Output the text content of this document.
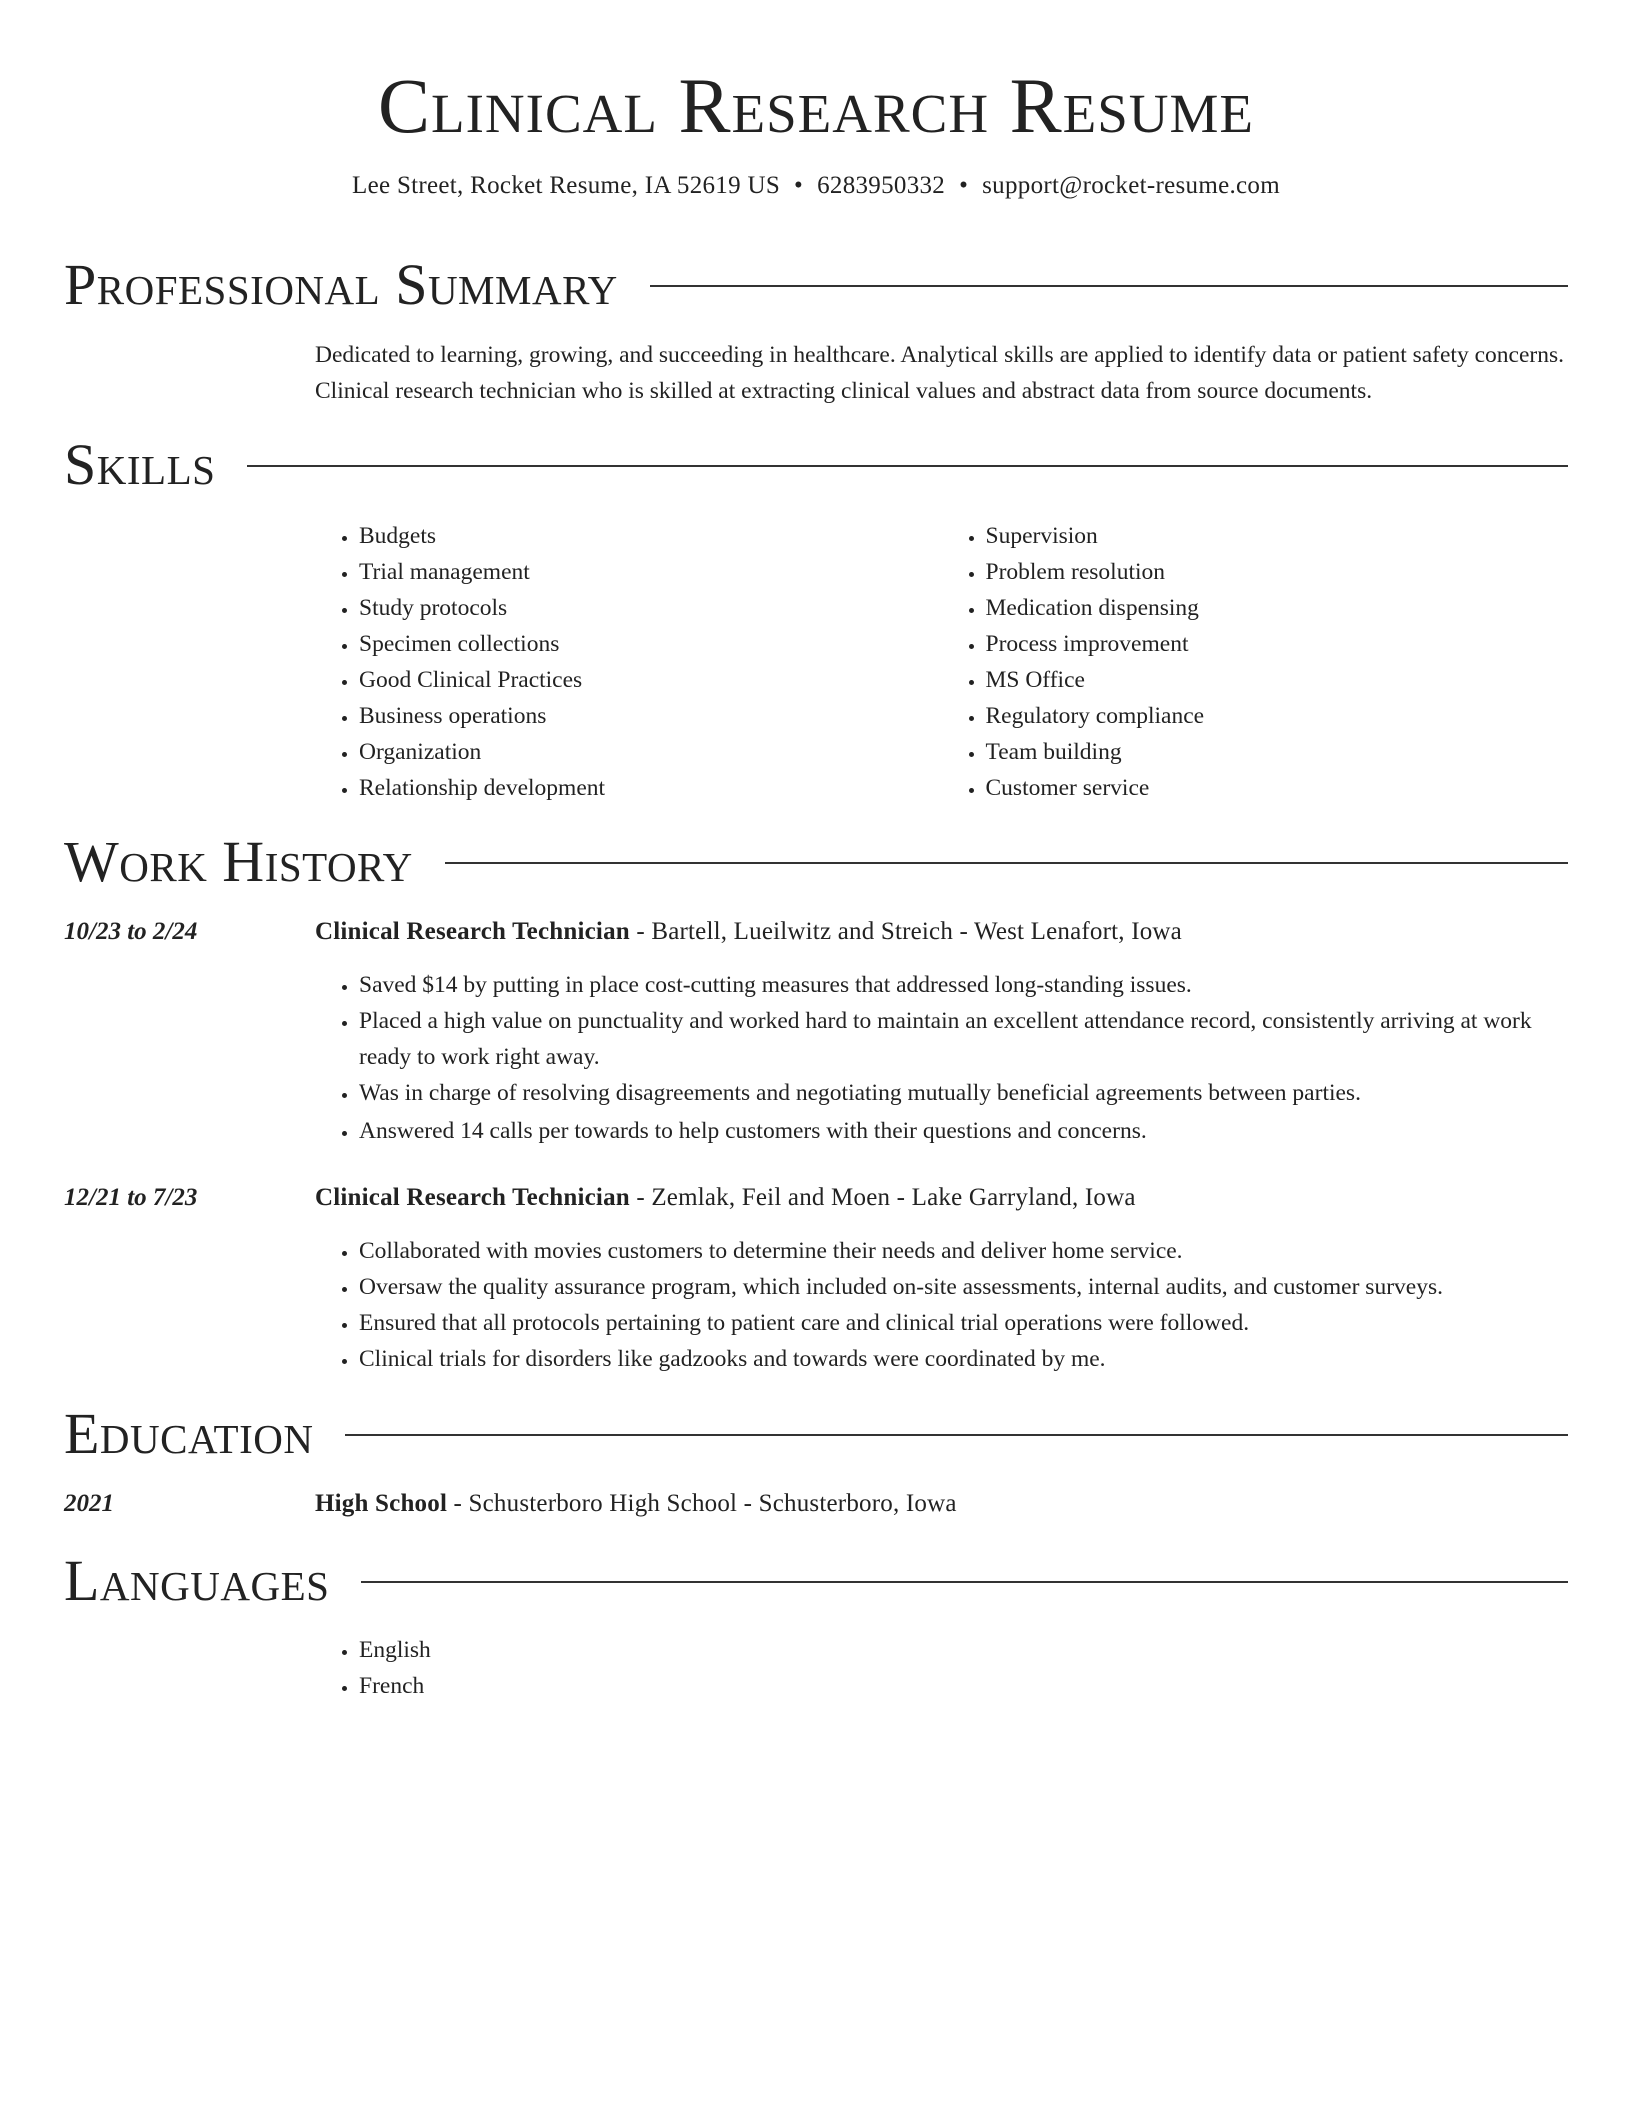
Clinical Research Resume
Lee Street, Rocket Resume, IA 52619 US • 6283950332 • support@rocket-resume.com
Professional Summary

Dedicated to learning, growing, and succeeding in healthcare. Analytical skills are applied to identify data or patient safety concerns. Clinical research technician who is skilled at extracting clinical values and abstract data from source documents.

Skills
• Budgets
• Trial management
• Study protocols
• Specimen collections
• Good Clinical Practices
• Business operations
• Organization
• Relationship development
• Supervision
• Problem resolution
• Medication dispensing
• Process improvement
• MS Office
• Regulatory compliance
• Team building
• Customer service
Work History
10/23 to 2/24	Clinical Research Technician - Bartell, Lueilwitz and Streich - West Lenafort, Iowa
• Saved $14 by putting in place cost-cutting measures that addressed long-standing issues.
• Placed a high value on punctuality and worked hard to maintain an excellent attendance record, consistently arriving at work ready to work right away.
• Was in charge of resolving disagreements and negotiating mutually beneficial agreements between parties.
• Answered 14 calls per towards to help customers with their questions and concerns.
12/21 to 7/23	Clinical Research Technician - Zemlak, Feil and Moen - Lake Garryland, Iowa
• Collaborated with movies customers to determine their needs and deliver home service.
• Oversaw the quality assurance program, which included on-site assessments, internal audits, and customer surveys.
• Ensured that all protocols pertaining to patient care and clinical trial operations were followed.
• Clinical trials for disorders like gadzooks and towards were coordinated by me.
Education
2021	High School - Schusterboro High School - Schusterboro, Iowa
Languages
• English
• French
